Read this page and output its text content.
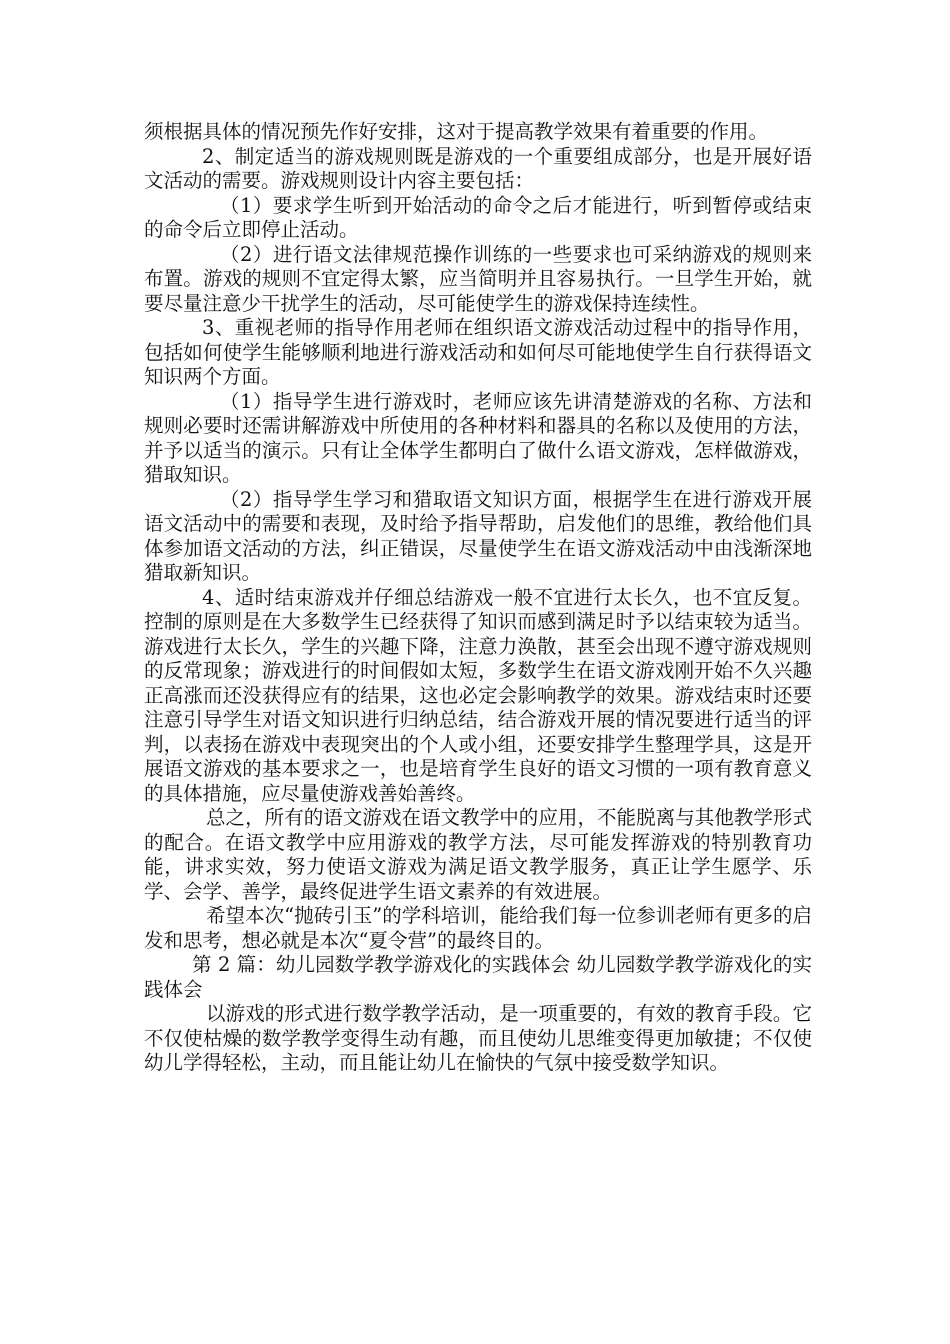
须根据具体的情况预先作好安排，这对于提高教学效果有着重要的作用。

2、制定适当的游戏规则既是游戏的一个重要组成部分，也是开展好语文活动的需要。游戏规则设计内容主要包括：

（1）要求学生听到开始活动的命令之后才能进行，听到暂停或结束的命令后立即停止活动。

（2）进行语文法律规范操作训练的一些要求也可采纳游戏的规则来布置。游戏的规则不宜定得太繁，应当简明并且容易执行。一旦学生开始，就要尽量注意少干扰学生的活动，尽可能使学生的游戏保持连续性。

3、重视老师的指导作用老师在组织语文游戏活动过程中的指导作用，包括如何使学生能够顺利地进行游戏活动和如何尽可能地使学生自行获得语文知识两个方面。

（1）指导学生进行游戏时，老师应该先讲清楚游戏的名称、方法和规则必要时还需讲解游戏中所使用的各种材料和器具的名称以及使用的方法，并予以适当的演示。只有让全体学生都明白了做什么语文游戏，怎样做游戏，猎取知识。

（2）指导学生学习和猎取语文知识方面，根据学生在进行游戏开展语文活动中的需要和表现，及时给予指导帮助，启发他们的思维，教给他们具体参加语文活动的方法，纠正错误，尽量使学生在语文游戏活动中由浅渐深地猎取新知识。

4、适时结束游戏并仔细总结游戏一般不宜进行太长久，也不宜反复。控制的原则是在大多数学生已经获得了知识而感到满足时予以结束较为适当。游戏进行太长久，学生的兴趣下降，注意力涣散，甚至会出现不遵守游戏规则的反常现象；游戏进行的时间假如太短，多数学生在语文游戏刚开始不久兴趣正高涨而还没获得应有的结果，这也必定会影响教学的效果。游戏结束时还要注意引导学生对语文知识进行归纳总结，结合游戏开展的情况要进行适当的评判，以表扬在游戏中表现突出的个人或小组，还要安排学生整理学具，这是开展语文游戏的基本要求之一，也是培育学生良好的语文习惯的一项有教育意义的具体措施，应尽量使游戏善始善终。

总之，所有的语文游戏在语文教学中的应用，不能脱离与其他教学形式的配合。在语文教学中应用游戏的教学方法，尽可能发挥游戏的特别教育功能，讲求实效，努力使语文游戏为满足语文教学服务，真正让学生愿学、乐学、会学、善学，最终促进学生语文素养的有效进展。

希望本次“抛砖引玉”的学科培训，能给我们每一位参训老师有更多的启发和思考，想必就是本次“夏令营”的最终目的。

第 2 篇：幼儿园数学教学游戏化的实践体会 幼儿园数学教学游戏化的实践体会

以游戏的形式进行数学教学活动，是一项重要的，有效的教育手段。它不仅使枯燥的数学教学变得生动有趣，而且使幼儿思维变得更加敏捷；不仅使幼儿学得轻松，主动，而且能让幼儿在愉快的气氛中接受数学知识。
